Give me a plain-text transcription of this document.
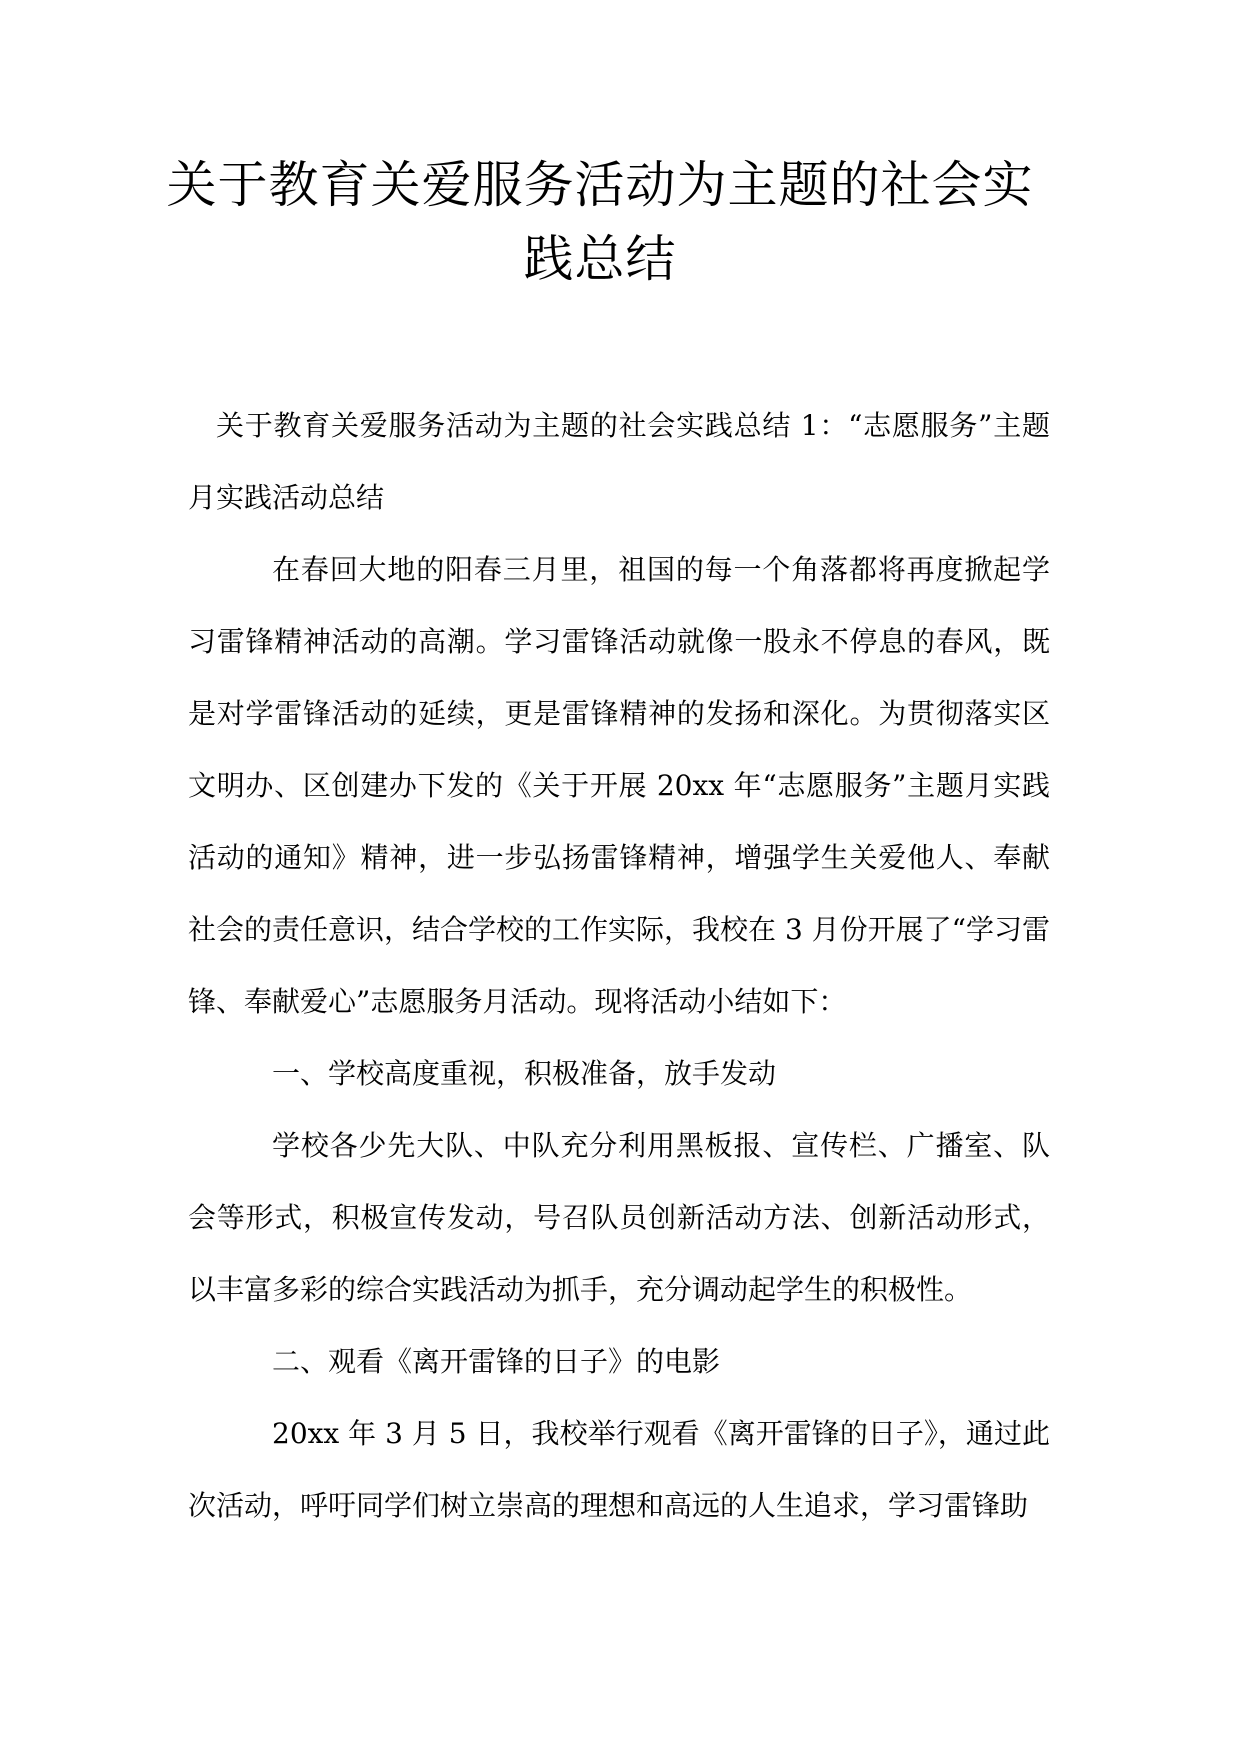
关于教育关爱服务活动为主题的社会实践总结

关于教育关爱服务活动为主题的社会实践总结 1：“志愿服务”主题月实践活动总结

在春回大地的阳春三月里，祖国的每一个角落都将再度掀起学习雷锋精神活动的高潮。学习雷锋活动就像一股永不停息的春风，既是对学雷锋活动的延续，更是雷锋精神的发扬和深化。为贯彻落实区文明办、区创建办下发的《关于开展 20xx 年“志愿服务”主题月实践活动的通知》精神，进一步弘扬雷锋精神，增强学生关爱他人、奉献社会的责任意识，结合学校的工作实际，我校在 3 月份开展了“学习雷锋、奉献爱心”志愿服务月活动。现将活动小结如下：

一、学校高度重视，积极准备，放手发动

学校各少先大队、中队充分利用黑板报、宣传栏、广播室、队会等形式，积极宣传发动，号召队员创新活动方法、创新活动形式，以丰富多彩的综合实践活动为抓手，充分调动起学生的积极性。

二、观看《离开雷锋的日子》的电影

20xx 年 3 月 5 日，我校举行观看《离开雷锋的日子》，通过此次活动，呼吁同学们树立崇高的理想和高远的人生追求，学习雷锋助
